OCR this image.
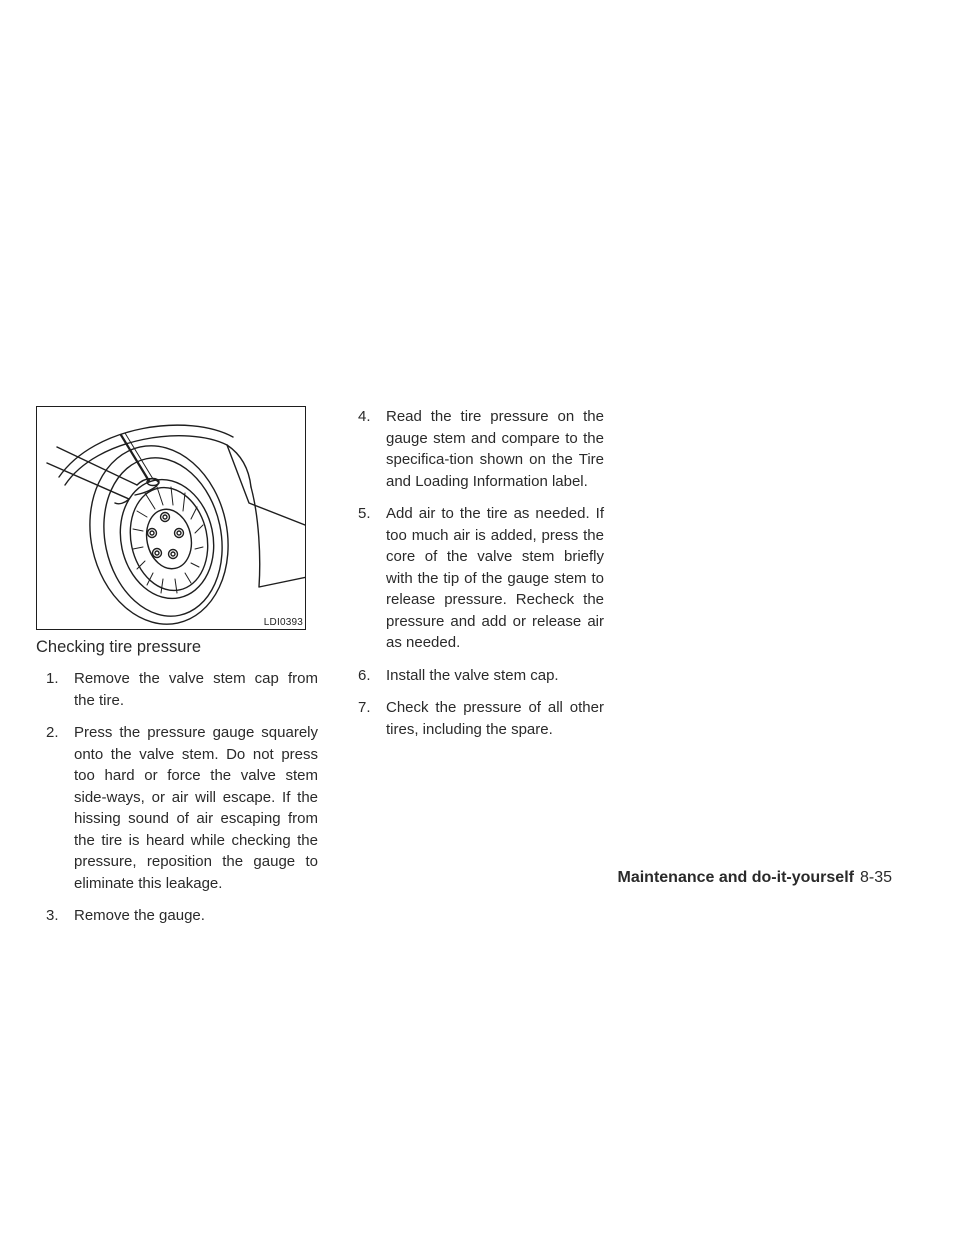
LDI0393
Checking tire pressure
1. Remove the valve stem cap from the tire.
2. Press the pressure gauge squarely onto the valve stem. Do not press too hard or force the valve stem side-ways, or air will escape. If the hissing sound of air escaping from the tire is heard while checking the pressure, reposition the gauge to eliminate this leakage.
3. Remove the gauge.
4. Read the tire pressure on the gauge stem and compare to the specifica-tion shown on the Tire and Loading Information label.
5. Add air to the tire as needed. If too much air is added, press the core of the valve stem briefly with the tip of the gauge stem to release pressure. Recheck the pressure and add or release air as needed.
6. Install the valve stem cap.
7. Check the pressure of all other tires, including the spare.
Maintenance and do-it-yourself 8-35
